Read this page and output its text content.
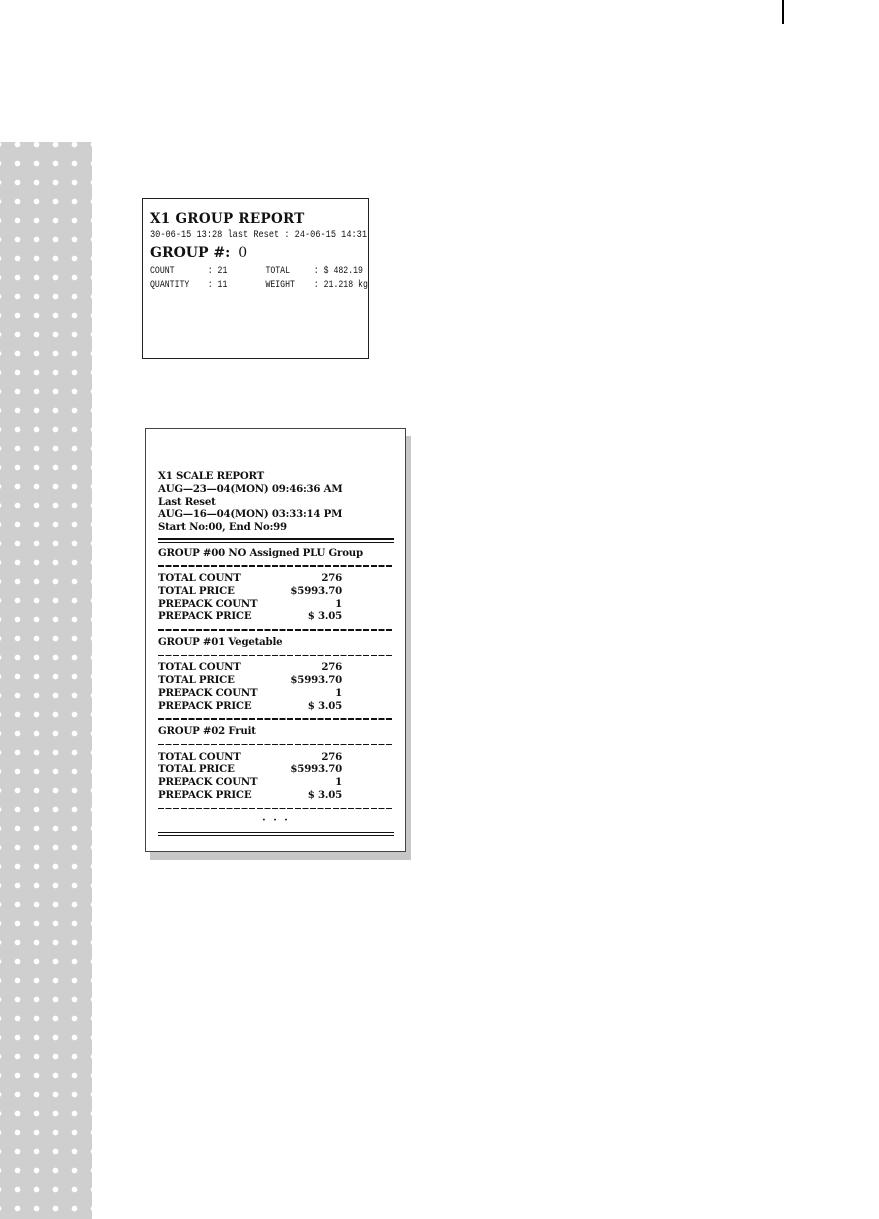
X1 GROUP REPORT
30-06-15 13:28 last Reset : 24-06-15 14:31
GROUP #: 0
COUNT	: 21	TOTAL : $ 482.19
QUANTITY : 11	WEIGHT : 21.218 kg
X1 SCALE REPORT
AUG—23—04(MON) 09:46:36 AM
Last Reset
AUG—16—04(MON) 03:33:14 PM
Start No:00, End No:99
GROUP #00 NO Assigned PLU Group
TOTAL COUNT	276
TOTAL PRICE	$5993.70
PREPACK COUNT	1
PREPACK PRICE	$ 3.05
GROUP #01 Vegetable
TOTAL COUNT	276
TOTAL PRICE	$5993.70
PREPACK COUNT	1
PREPACK PRICE	$ 3.05
GROUP #02 Fruit
TOTAL COUNT	276
TOTAL PRICE	$5993.70
PREPACK COUNT	1
PREPACK PRICE	$ 3.05
· · ·
